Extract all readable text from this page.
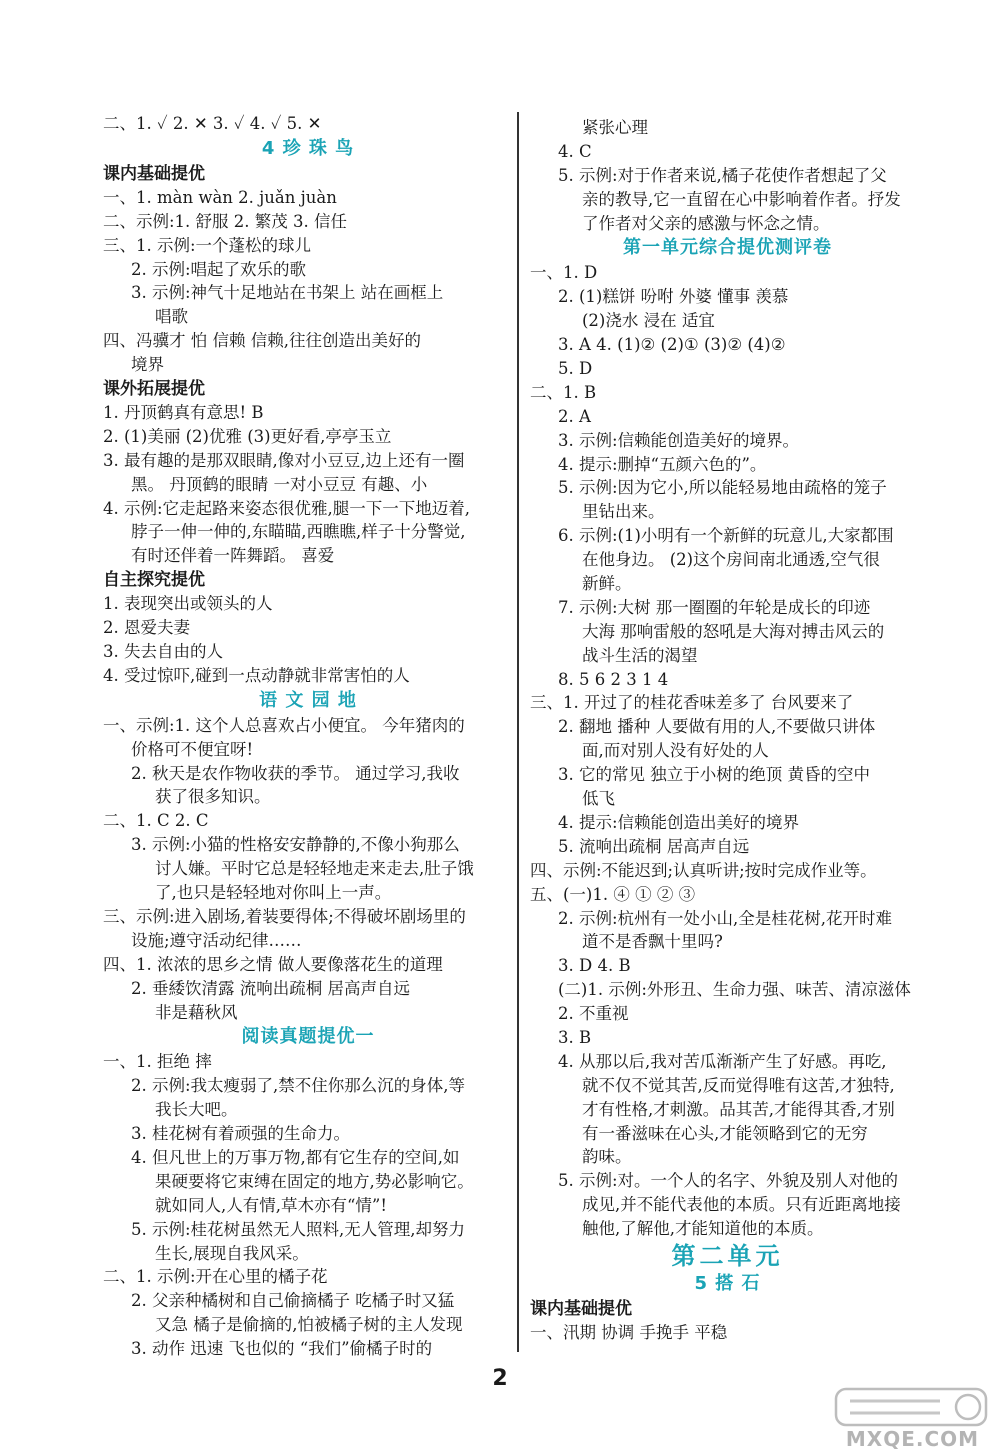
二、1. ✓ 2. ✕ 3. ✓ 4. ✓ 5. ✕
4 珍 珠 鸟
课内基础提优
一、1. màn wàn 2. juǎn juàn
二、示例:1. 舒服 2. 繁茂 3. 信任
三、1. 示例:一个蓬松的球儿
2. 示例:唱起了欢乐的歌
3. 示例:神气十足地站在书架上 站在画框上
唱歌
四、冯骥才 怕 信赖 信赖,往往创造出美好的
境界
课外拓展提优
1. 丹顶鹤真有意思! B
2. (1)美丽 (2)优雅 (3)更好看,亭亭玉立
3. 最有趣的是那双眼睛,像对小豆豆,边上还有一圈
黑。 丹顶鹤的眼睛 一对小豆豆 有趣、小
4. 示例:它走起路来姿态很优雅,腿一下一下地迈着,
脖子一伸一伸的,东瞄瞄,西瞧瞧,样子十分警觉,
有时还伴着一阵舞蹈。 喜爱
自主探究提优
1. 表现突出或领头的人
2. 恩爱夫妻
3. 失去自由的人
4. 受过惊吓,碰到一点动静就非常害怕的人
语 文 园 地
一、示例:1. 这个人总喜欢占小便宜。 今年猪肉的
价格可不便宜呀!
2. 秋天是农作物收获的季节。 通过学习,我收
获了很多知识。
二、1. C 2. C
3. 示例:小猫的性格安安静静的,不像小狗那么
讨人嫌。平时它总是轻轻地走来走去,肚子饿
了,也只是轻轻地对你叫上一声。
三、示例:进入剧场,着装要得体;不得破坏剧场里的
设施;遵守活动纪律……
四、1. 浓浓的思乡之情 做人要像落花生的道理
2. 垂緌饮清露 流响出疏桐 居高声自远
非是藉秋风
阅读真题提优一
一、1. 拒绝 摔
2. 示例:我太瘦弱了,禁不住你那么沉的身体,等
我长大吧。
3. 桂花树有着顽强的生命力。
4. 但凡世上的万事万物,都有它生存的空间,如
果硬要将它束缚在固定的地方,势必影响它。
就如同人,人有情,草木亦有“情”!
5. 示例:桂花树虽然无人照料,无人管理,却努力
生长,展现自我风采。
二、1. 示例:开在心里的橘子花
2. 父亲种橘树和自己偷摘橘子 吃橘子时又猛
又急 橘子是偷摘的,怕被橘子树的主人发现
3. 动作 迅速 飞也似的 “我们”偷橘子时的
紧张心理
4. C
5. 示例:对于作者来说,橘子花使作者想起了父
亲的教导,它一直留在心中影响着作者。抒发
了作者对父亲的感激与怀念之情。
第一单元综合提优测评卷
一、1. D
2. (1)糕饼 吩咐 外婆 懂事 羡慕
(2)浇水 浸在 适宜
3. A 4. (1)② (2)① (3)② (4)②
5. D
二、1. B
2. A
3. 示例:信赖能创造美好的境界。
4. 提示:删掉“五颜六色的”。
5. 示例:因为它小,所以能轻易地由疏格的笼子
里钻出来。
6. 示例:(1)小明有一个新鲜的玩意儿,大家都围
在他身边。 (2)这个房间南北通透,空气很
新鲜。
7. 示例:大树 那一圈圈的年轮是成长的印迹
大海 那响雷般的怒吼是大海对搏击风云的
战斗生活的渴望
8. 5 6 2 3 1 4
三、1. 开过了的桂花香味差多了 台风要来了
2. 翻地 播种 人要做有用的人,不要做只讲体
面,而对别人没有好处的人
3. 它的常见 独立于小树的绝顶 黄昏的空中
低飞
4. 提示:信赖能创造出美好的境界
5. 流响出疏桐 居高声自远
四、示例:不能迟到;认真听讲;按时完成作业等。
五、(一)1. ④ ① ② ③
2. 示例:杭州有一处小山,全是桂花树,花开时难
道不是香飘十里吗?
3. D 4. B
(二)1. 示例:外形丑、生命力强、味苦、清凉滋体
2. 不重视
3. B
4. 从那以后,我对苦瓜渐渐产生了好感。再吃,
就不仅不觉其苦,反而觉得唯有这苦,才独特,
才有性格,才刺激。品其苦,才能得其香,才别
有一番滋味在心头,才能领略到它的无穷
韵味。
5. 示例:对。一个人的名字、外貌及别人对他的
成见,并不能代表他的本质。只有近距离地接
触他,了解他,才能知道他的本质。
第二单元
5 搭 石
课内基础提优
一、汛期 协调 手挽手 平稳
2
MXQE.COM
